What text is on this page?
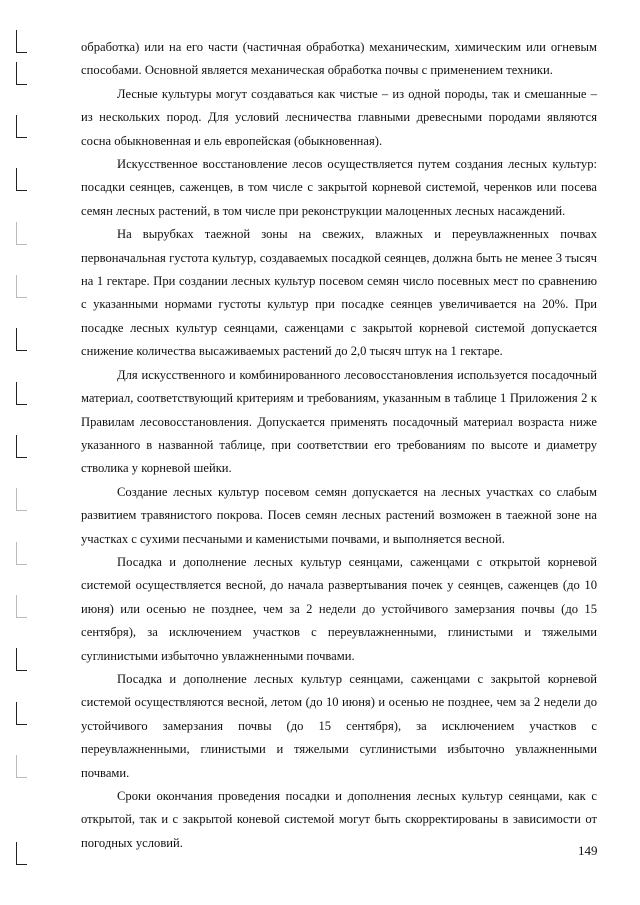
обработка) или на его части (частичная обработка) механическим, химическим или огневым способами. Основной является механическая обработка почвы с применением техники.

Лесные культуры могут создаваться как чистые – из одной породы, так и смешанные – из нескольких пород. Для условий лесничества главными древесными породами являются сосна обыкновенная и ель европейская (обыкновенная).

Искусственное восстановление лесов осуществляется путем создания лесных культур: посадки сеянцев, саженцев, в том числе с закрытой корневой системой, черенков или посева семян лесных растений, в том числе при реконструкции малоценных лесных насаждений.

На вырубках таежной зоны на свежих, влажных и переувлажненных почвах первоначальная густота культур, создаваемых посадкой сеянцев, должна быть не менее 3 тысяч на 1 гектаре. При создании лесных культур посевом семян число посевных мест по сравнению с указанными нормами густоты культур при посадке сеянцев увеличивается на 20%. При посадке лесных культур сеянцами, саженцами с закрытой корневой системой допускается снижение количества высаживаемых растений до 2,0 тысяч штук на 1 гектаре.

Для искусственного и комбинированного лесовосстановления используется посадочный материал, соответствующий критериям и требованиям, указанным в таблице 1 Приложения 2 к Правилам лесовосстановления. Допускается применять посадочный материал возраста ниже указанного в названной таблице, при соответствии его требованиям по высоте и диаметру стволика у корневой шейки.

Создание лесных культур посевом семян допускается на лесных участках со слабым развитием травянистого покрова. Посев семян лесных растений возможен в таежной зоне на участках с сухими песчаными и каменистыми почвами, и выполняется весной.

Посадка и дополнение лесных культур сеянцами, саженцами с открытой корневой системой осуществляется весной, до начала развертывания почек у сеянцев, саженцев (до 10 июня) или осенью не позднее, чем за 2 недели до устойчивого замерзания почвы (до 15 сентября), за исключением участков с переувлажненными, глинистыми и тяжелыми суглинистыми избыточно увлажненными почвами.

Посадка и дополнение лесных культур сеянцами, саженцами с закрытой корневой системой осуществляются весной, летом (до 10 июня) и осенью не позднее, чем за 2 недели до устойчивого замерзания почвы (до 15 сентября), за исключением участков с переувлажненными, глинистыми и тяжелыми суглинистыми избыточно увлажненными почвами.

Сроки окончания проведения посадки и дополнения лесных культур сеянцами, как с открытой, так и с закрытой коневой системой могут быть скорректированы в зависимости от погодных условий.

149
